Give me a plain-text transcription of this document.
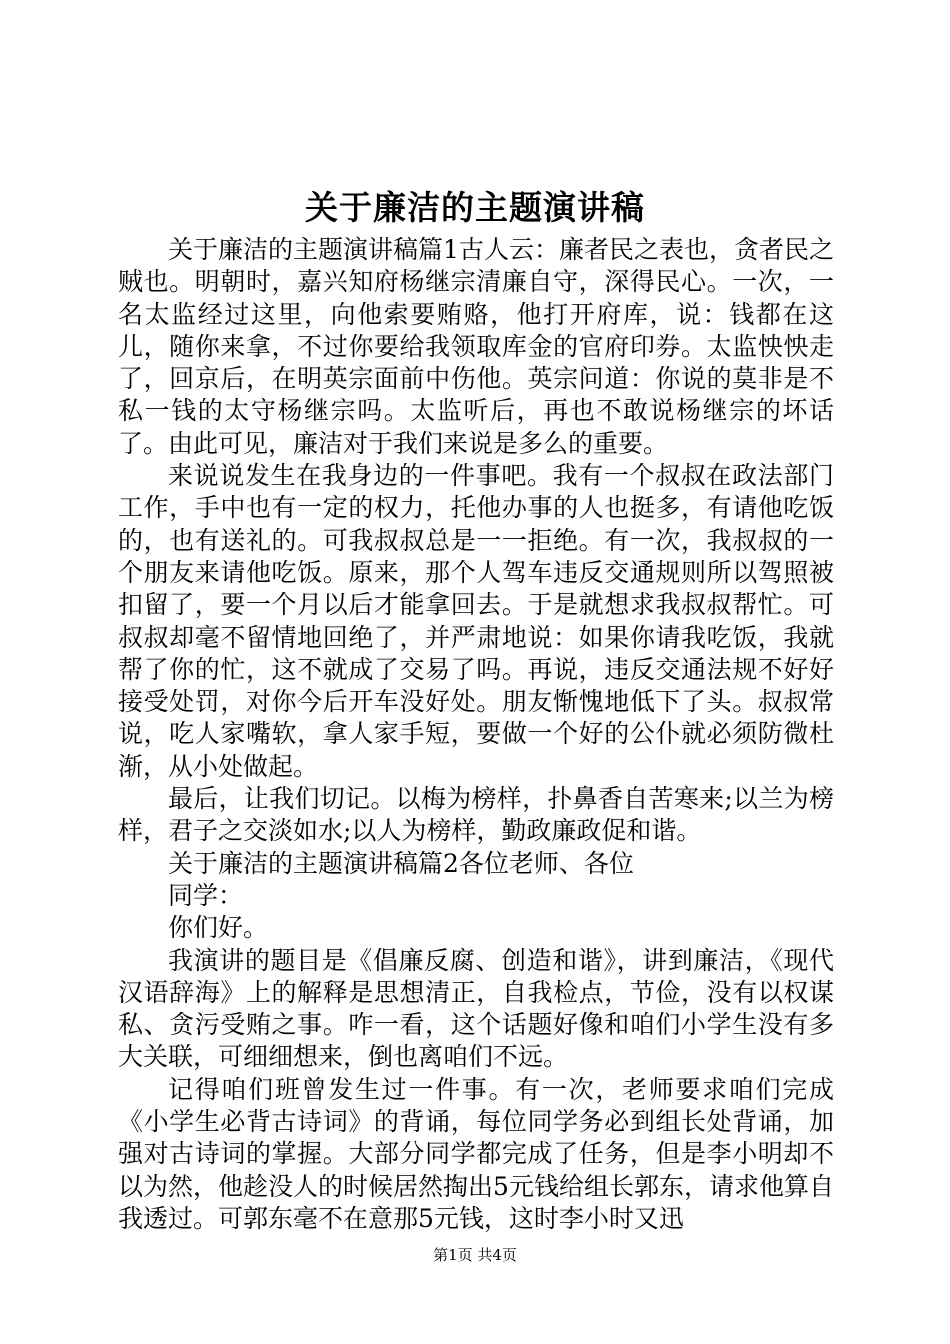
关于廉洁的主题演讲稿

关于廉洁的主题演讲稿篇1古人云：廉者民之表也，贪者民之贼也。明朝时，嘉兴知府杨继宗清廉自守，深得民心。一次，一名太监经过这里，向他索要贿赂，他打开府库，说：钱都在这儿，随你来拿，不过你要给我领取库金的官府印券。太监怏怏走了，回京后，在明英宗面前中伤他。英宗问道：你说的莫非是不私一钱的太守杨继宗吗。太监听后，再也不敢说杨继宗的坏话了。由此可见，廉洁对于我们来说是多么的重要。

来说说发生在我身边的一件事吧。我有一个叔叔在政法部门工作，手中也有一定的权力，托他办事的人也挺多，有请他吃饭的，也有送礼的。可我叔叔总是一一拒绝。有一次，我叔叔的一个朋友来请他吃饭。原来，那个人驾车违反交通规则所以驾照被扣留了，要一个月以后才能拿回去。于是就想求我叔叔帮忙。可叔叔却毫不留情地回绝了，并严肃地说：如果你请我吃饭，我就帮了你的忙，这不就成了交易了吗。再说，违反交通法规不好好接受处罚，对你今后开车没好处。朋友惭愧地低下了头。叔叔常说，吃人家嘴软，拿人家手短，要做一个好的公仆就必须防微杜渐，从小处做起。

最后，让我们切记。以梅为榜样，扑鼻香自苦寒来;以兰为榜样，君子之交淡如水;以人为榜样，勤政廉政促和谐。

关于廉洁的主题演讲稿篇2各位老师、各位

同学：

你们好。

我演讲的题目是《倡廉反腐、创造和谐》，讲到廉洁，《现代汉语辞海》上的解释是思想清正，自我检点，节俭，没有以权谋私、贪污受贿之事。咋一看，这个话题好像和咱们小学生没有多大关联，可细细想来，倒也离咱们不远。

记得咱们班曾发生过一件事。有一次，老师要求咱们完成《小学生必背古诗词》的背诵，每位同学务必到组长处背诵，加强对古诗词的掌握。大部分同学都完成了任务，但是李小明却不以为然，他趁没人的时候居然掏出5元钱给组长郭东，请求他算自我透过。可郭东毫不在意那5元钱，这时李小时又迅

第1页 共4页
